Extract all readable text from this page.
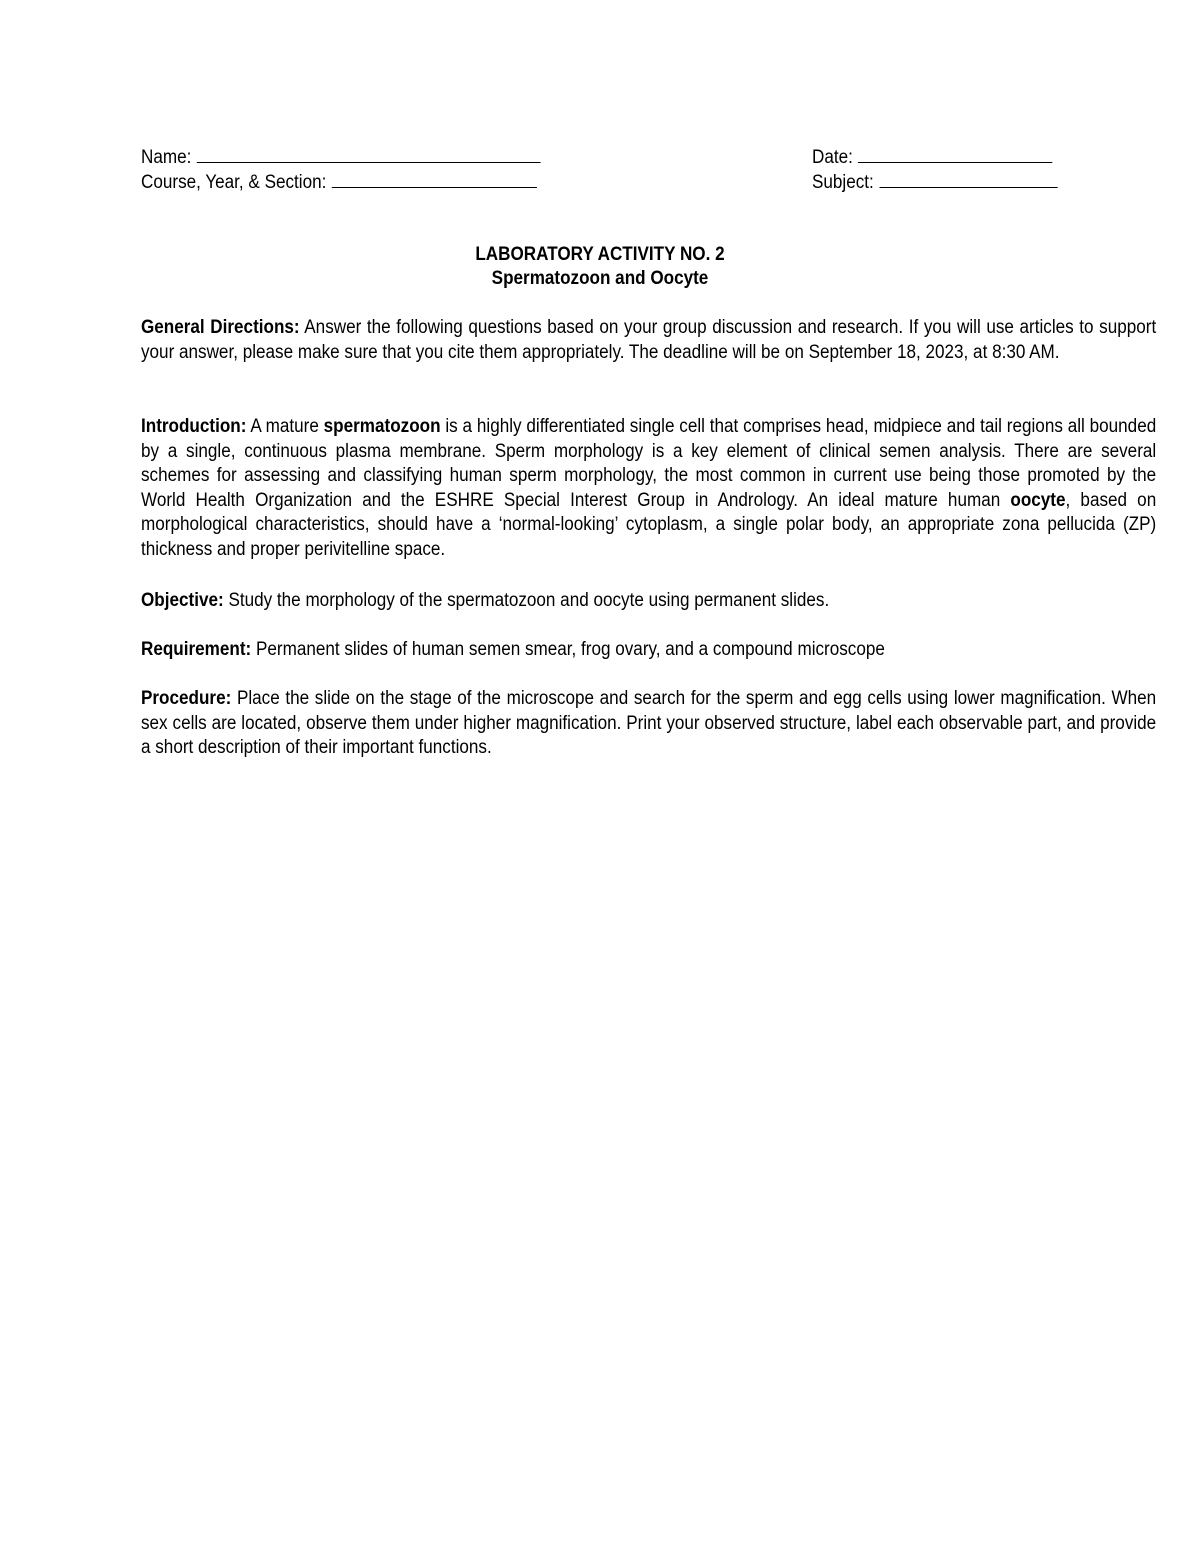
Name:
Course, Year, & Section:
Date:
Subject:
LABORATORY ACTIVITY NO. 2
Spermatozoon and Oocyte
General Directions: Answer the following questions based on your group discussion and research. If you will use articles to support your answer, please make sure that you cite them appropriately. The deadline will be on September 18, 2023, at 8:30 AM.
Introduction: A mature spermatozoon is a highly differentiated single cell that comprises head, midpiece and tail regions all bounded by a single, continuous plasma membrane. Sperm morphology is a key element of clinical semen analysis. There are several schemes for assessing and classifying human sperm morphology, the most common in current use being those promoted by the World Health Organization and the ESHRE Special Interest Group in Andrology. An ideal mature human oocyte, based on morphological characteristics, should have a ‘normal-looking’ cytoplasm, a single polar body, an appropriate zona pellucida (ZP) thickness and proper perivitelline space.
Objective: Study the morphology of the spermatozoon and oocyte using permanent slides.
Requirement: Permanent slides of human semen smear, frog ovary, and a compound microscope
Procedure: Place the slide on the stage of the microscope and search for the sperm and egg cells using lower magnification. When sex cells are located, observe them under higher magnification. Print your observed structure, label each observable part, and provide a short description of their important functions.
